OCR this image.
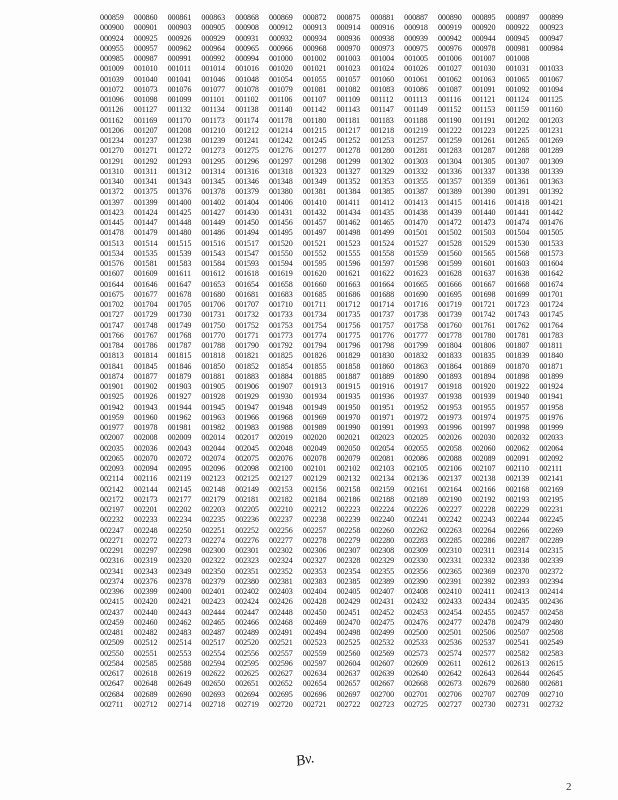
000859 000860 000861 000863 000868 000869 000872 000875 000881 000887 000890 000895 000897 000899
000900 000901 000903 000905 000908 000912 000913 000914 000916 000918 000919 000920 000922 000923
000924 000925 000926 000929 000931 000932 000934 000936 000938 000939 000942 000944 000945 000947
000955 000957 000962 000964 000965 000966 000968 000970 000973 000975 000976 000978 000981 000984
000985 000987 000991 000992 000994 001000 001002 001003 001004 001005 001006 001007 001008
001009 001010 001011 001014 001016 001020 001021 001023 001024 001026 001027 001030 001031 001033
001039 001040 001041 001046 001048 001054 001055 001057 001060 001061 001062 001063 001065 001067
001072 001073 001076 001077 001078 001079 001081 001082 001083 001086 001087 001091 001092 001094
001096 001098 001099 001101 001102 001106 001107 001109 001112 001113 001116 001121 001124 001125
001126 001127 001132 001134 001138 001140 001142 001143 001147 001149 001152 001153 001159 001160
001162 001169 001170 001173 001174 001178 001180 001181 001183 001188 001190 001191 001202 001203
001206 001207 001208 001210 001212 001214 001215 001217 001218 001219 001222 001223 001225 001231
001234 001237 001238 001239 001241 001242 001245 001252 001253 001257 001259 001261 001265 001269
001270 001271 001272 001273 001275 001276 001277 001278 001280 001281 001283 001287 001288 001289
001291 001292 001293 001295 001296 001297 001298 001299 001302 001303 001304 001305 001307 001309
001310 001311 001312 001314 001316 001318 001323 001327 001329 001332 001336 001337 001338 001339
001340 001341 001343 001345 001346 001348 001349 001352 001353 001355 001357 001359 001361 001363
001372 001375 001376 001378 001379 001380 001381 001384 001385 001387 001389 001390 001391 001392
001397 001399 001400 001402 001404 001406 001410 001411 001412 001413 001415 001416 001418 001421
001423 001424 001425 001427 001430 001431 001432 001434 001435 001438 001439 001440 001441 001442
001445 001447 001448 001449 001450 001456 001457 001462 001465 001470 001472 001473 001474 001476
001478 001479 001480 001486 001494 001495 001497 001498 001499 001501 001502 001503 001504 001505
001513 001514 001515 001516 001517 001520 001521 001523 001524 001527 001528 001529 001530 001533
001534 001535 001539 001543 001547 001550 001552 001555 001558 001559 001560 001565 001568 001573
001576 001581 001583 001584 001593 001594 001595 001596 001597 001598 001599 001601 001603 001604
001607 001609 001611 001612 001618 001619 001620 001621 001622 001623 001628 001637 001638 001642
001644 001646 001647 001653 001654 001658 001660 001663 001664 001665 001666 001667 001668 001674
001675 001677 001678 001680 001681 001683 001685 001686 001688 001690 001695 001698 001699 001701
001702 001704 001705 001706 001707 001710 001711 001712 001714 001716 001719 001721 001723 001724
001727 001729 001730 001731 001732 001733 001734 001735 001737 001738 001739 001742 001743 001745
001747 001748 001749 001750 001752 001753 001754 001756 001757 001758 001760 001761 001762 001764
001766 001767 001768 001770 001771 001773 001774 001775 001776 001777 001778 001780 001781 001783
001784 001786 001787 001788 001790 001792 001794 001796 001798 001799 001804 001806 001807 001811
001813 001814 001815 001818 001821 001825 001826 001829 001830 001832 001833 001835 001839 001840
001841 001845 001846 001850 001852 001854 001855 001858 001860 001863 001864 001869 001870 001871
001874 001877 001879 001881 001883 001884 001885 001887 001889 001890 001893 001894 001898 001899
001901 001902 001903 001905 001906 001907 001913 001915 001916 001917 001918 001920 001922 001924
001925 001926 001927 001928 001929 001930 001934 001935 001936 001937 001938 001939 001940 001941
001942 001943 001944 001945 001947 001948 001949 001950 001951 001952 001953 001955 001957 001958
001959 001960 001962 001963 001966 001968 001969 001970 001971 001972 001973 001974 001975 001976
001977 001978 001981 001982 001983 001988 001989 001990 001991 001993 001996 001997 001998 001999
002007 002008 002009 002014 002017 002019 002020 002021 002023 002025 002026 002030 002032 002033
002035 002036 002043 002044 002045 002048 002049 002050 002054 002055 002058 002060 002062 002064
002065 002070 002072 002074 002075 002076 002078 002079 002081 002086 002088 002089 002091 002092
002093 002094 002095 002096 002098 002100 002101 002102 002103 002105 002106 002107 002110 002111
002114 002116 002119 002123 002125 002127 002129 002132 002134 002136 002137 002138 002139 002141
002142 002144 002145 002148 002149 002153 002156 002158 002159 002161 002164 002166 002168 002169
002172 002173 002177 002179 002181 002182 002184 002186 002188 002189 002190 002192 002193 002195
002197 002201 002202 002203 002205 002210 002212 002223 002224 002226 002227 002228 002229 002231
002232 002233 002234 002235 002236 002237 002238 002239 002240 002241 002242 002243 002244 002245
002247 002248 002250 002251 002252 002256 002257 002258 002260 002262 002263 002264 002266 002269
002271 002272 002273 002274 002276 002277 002278 002279 002280 002283 002285 002286 002287 002289
002291 002297 002298 002300 002301 002302 002306 002307 002308 002309 002310 002311 002314 002315
002316 002319 002320 002322 002323 002324 002327 002328 002329 002330 002331 002332 002338 002339
002341 002343 002349 002350 002351 002352 002353 002354 002355 002356 002365 002369 002370 002372
002374 002376 002378 002379 002380 002381 002383 002385 002389 002390 002391 002392 002393 002394
002396 002399 002400 002401 002402 002403 002404 002405 002407 002408 002410 002411 002413 002414
002415 002420 002421 002423 002424 002426 002428 002429 002431 002432 002433 002434 002435 002436
002437 002440 002443 002444 002447 002448 002450 002451 002452 002453 002454 002455 002457 002458
002459 002460 002462 002465 002466 002468 002469 002470 002475 002476 002477 002478 002479 002480
002481 002482 002483 002487 002489 002491 002494 002498 002499 002500 002501 002506 002507 002508
002509 002512 002514 002517 002520 002521 002523 002525 002532 002533 002536 002537 002541 002549
002550 002551 002553 002554 002556 002557 002559 002560 002569 002573 002574 002577 002582 002583
002584 002585 002588 002594 002595 002596 002597 002604 002607 002609 002611 002612 002613 002615
002617 002618 002619 002622 002625 002627 002634 002637 002639 002640 002642 002643 002644 002645
002647 002648 002649 002650 002651 002652 002654 002657 002667 002668 002673 002679 002680 002681
002684 002689 002690 002693 002694 002695 002696 002697 002700 002701 002706 002707 002709 002710
002711 002712 002714 002718 002719 002720 002721 002722 002723 002725 002727 002730 002731 002732
Bv.
2
